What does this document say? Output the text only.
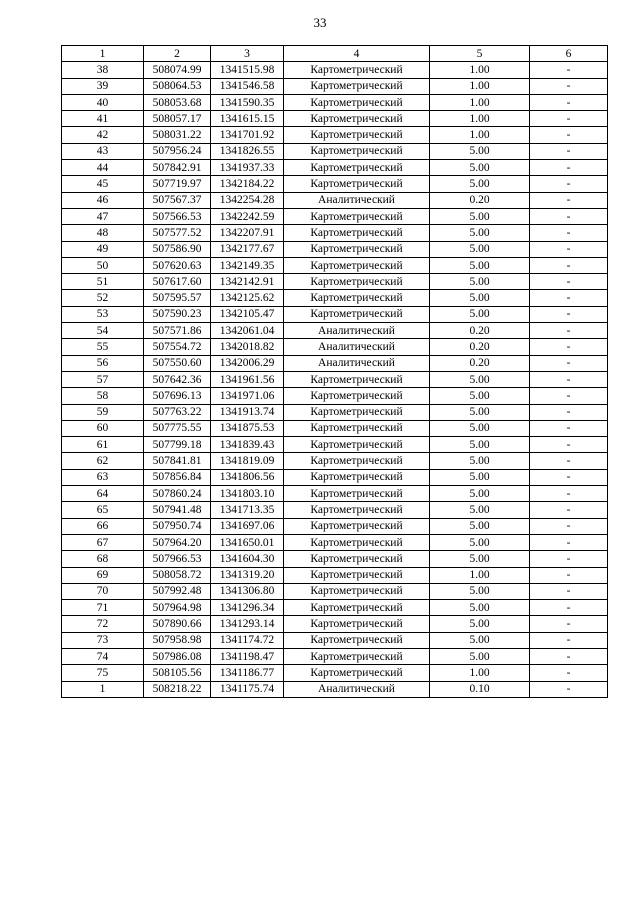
33
1	2	3	4	5	6
38	508074.99	1341515.98	Картометрический	1.00	-
39	508064.53	1341546.58	Картометрический	1.00	-
40	508053.68	1341590.35	Картометрический	1.00	-
41	508057.17	1341615.15	Картометрический	1.00	-
42	508031.22	1341701.92	Картометрический	1.00	-
43	507956.24	1341826.55	Картометрический	5.00	-
44	507842.91	1341937.33	Картометрический	5.00	-
45	507719.97	1342184.22	Картометрический	5.00	-
46	507567.37	1342254.28	Аналитический	0.20	-
47	507566.53	1342242.59	Картометрический	5.00	-
48	507577.52	1342207.91	Картометрический	5.00	-
49	507586.90	1342177.67	Картометрический	5.00	-
50	507620.63	1342149.35	Картометрический	5.00	-
51	507617.60	1342142.91	Картометрический	5.00	-
52	507595.57	1342125.62	Картометрический	5.00	-
53	507590.23	1342105.47	Картометрический	5.00	-
54	507571.86	1342061.04	Аналитический	0.20	-
55	507554.72	1342018.82	Аналитический	0.20	-
56	507550.60	1342006.29	Аналитический	0.20	-
57	507642.36	1341961.56	Картометрический	5.00	-
58	507696.13	1341971.06	Картометрический	5.00	-
59	507763.22	1341913.74	Картометрический	5.00	-
60	507775.55	1341875.53	Картометрический	5.00	-
61	507799.18	1341839.43	Картометрический	5.00	-
62	507841.81	1341819.09	Картометрический	5.00	-
63	507856.84	1341806.56	Картометрический	5.00	-
64	507860.24	1341803.10	Картометрический	5.00	-
65	507941.48	1341713.35	Картометрический	5.00	-
66	507950.74	1341697.06	Картометрический	5.00	-
67	507964.20	1341650.01	Картометрический	5.00	-
68	507966.53	1341604.30	Картометрический	5.00	-
69	508058.72	1341319.20	Картометрический	1.00	-
70	507992.48	1341306.80	Картометрический	5.00	-
71	507964.98	1341296.34	Картометрический	5.00	-
72	507890.66	1341293.14	Картометрический	5.00	-
73	507958.98	1341174.72	Картометрический	5.00	-
74	507986.08	1341198.47	Картометрический	5.00	-
75	508105.56	1341186.77	Картометрический	1.00	-
1	508218.22	1341175.74	Аналитический	0.10	-
